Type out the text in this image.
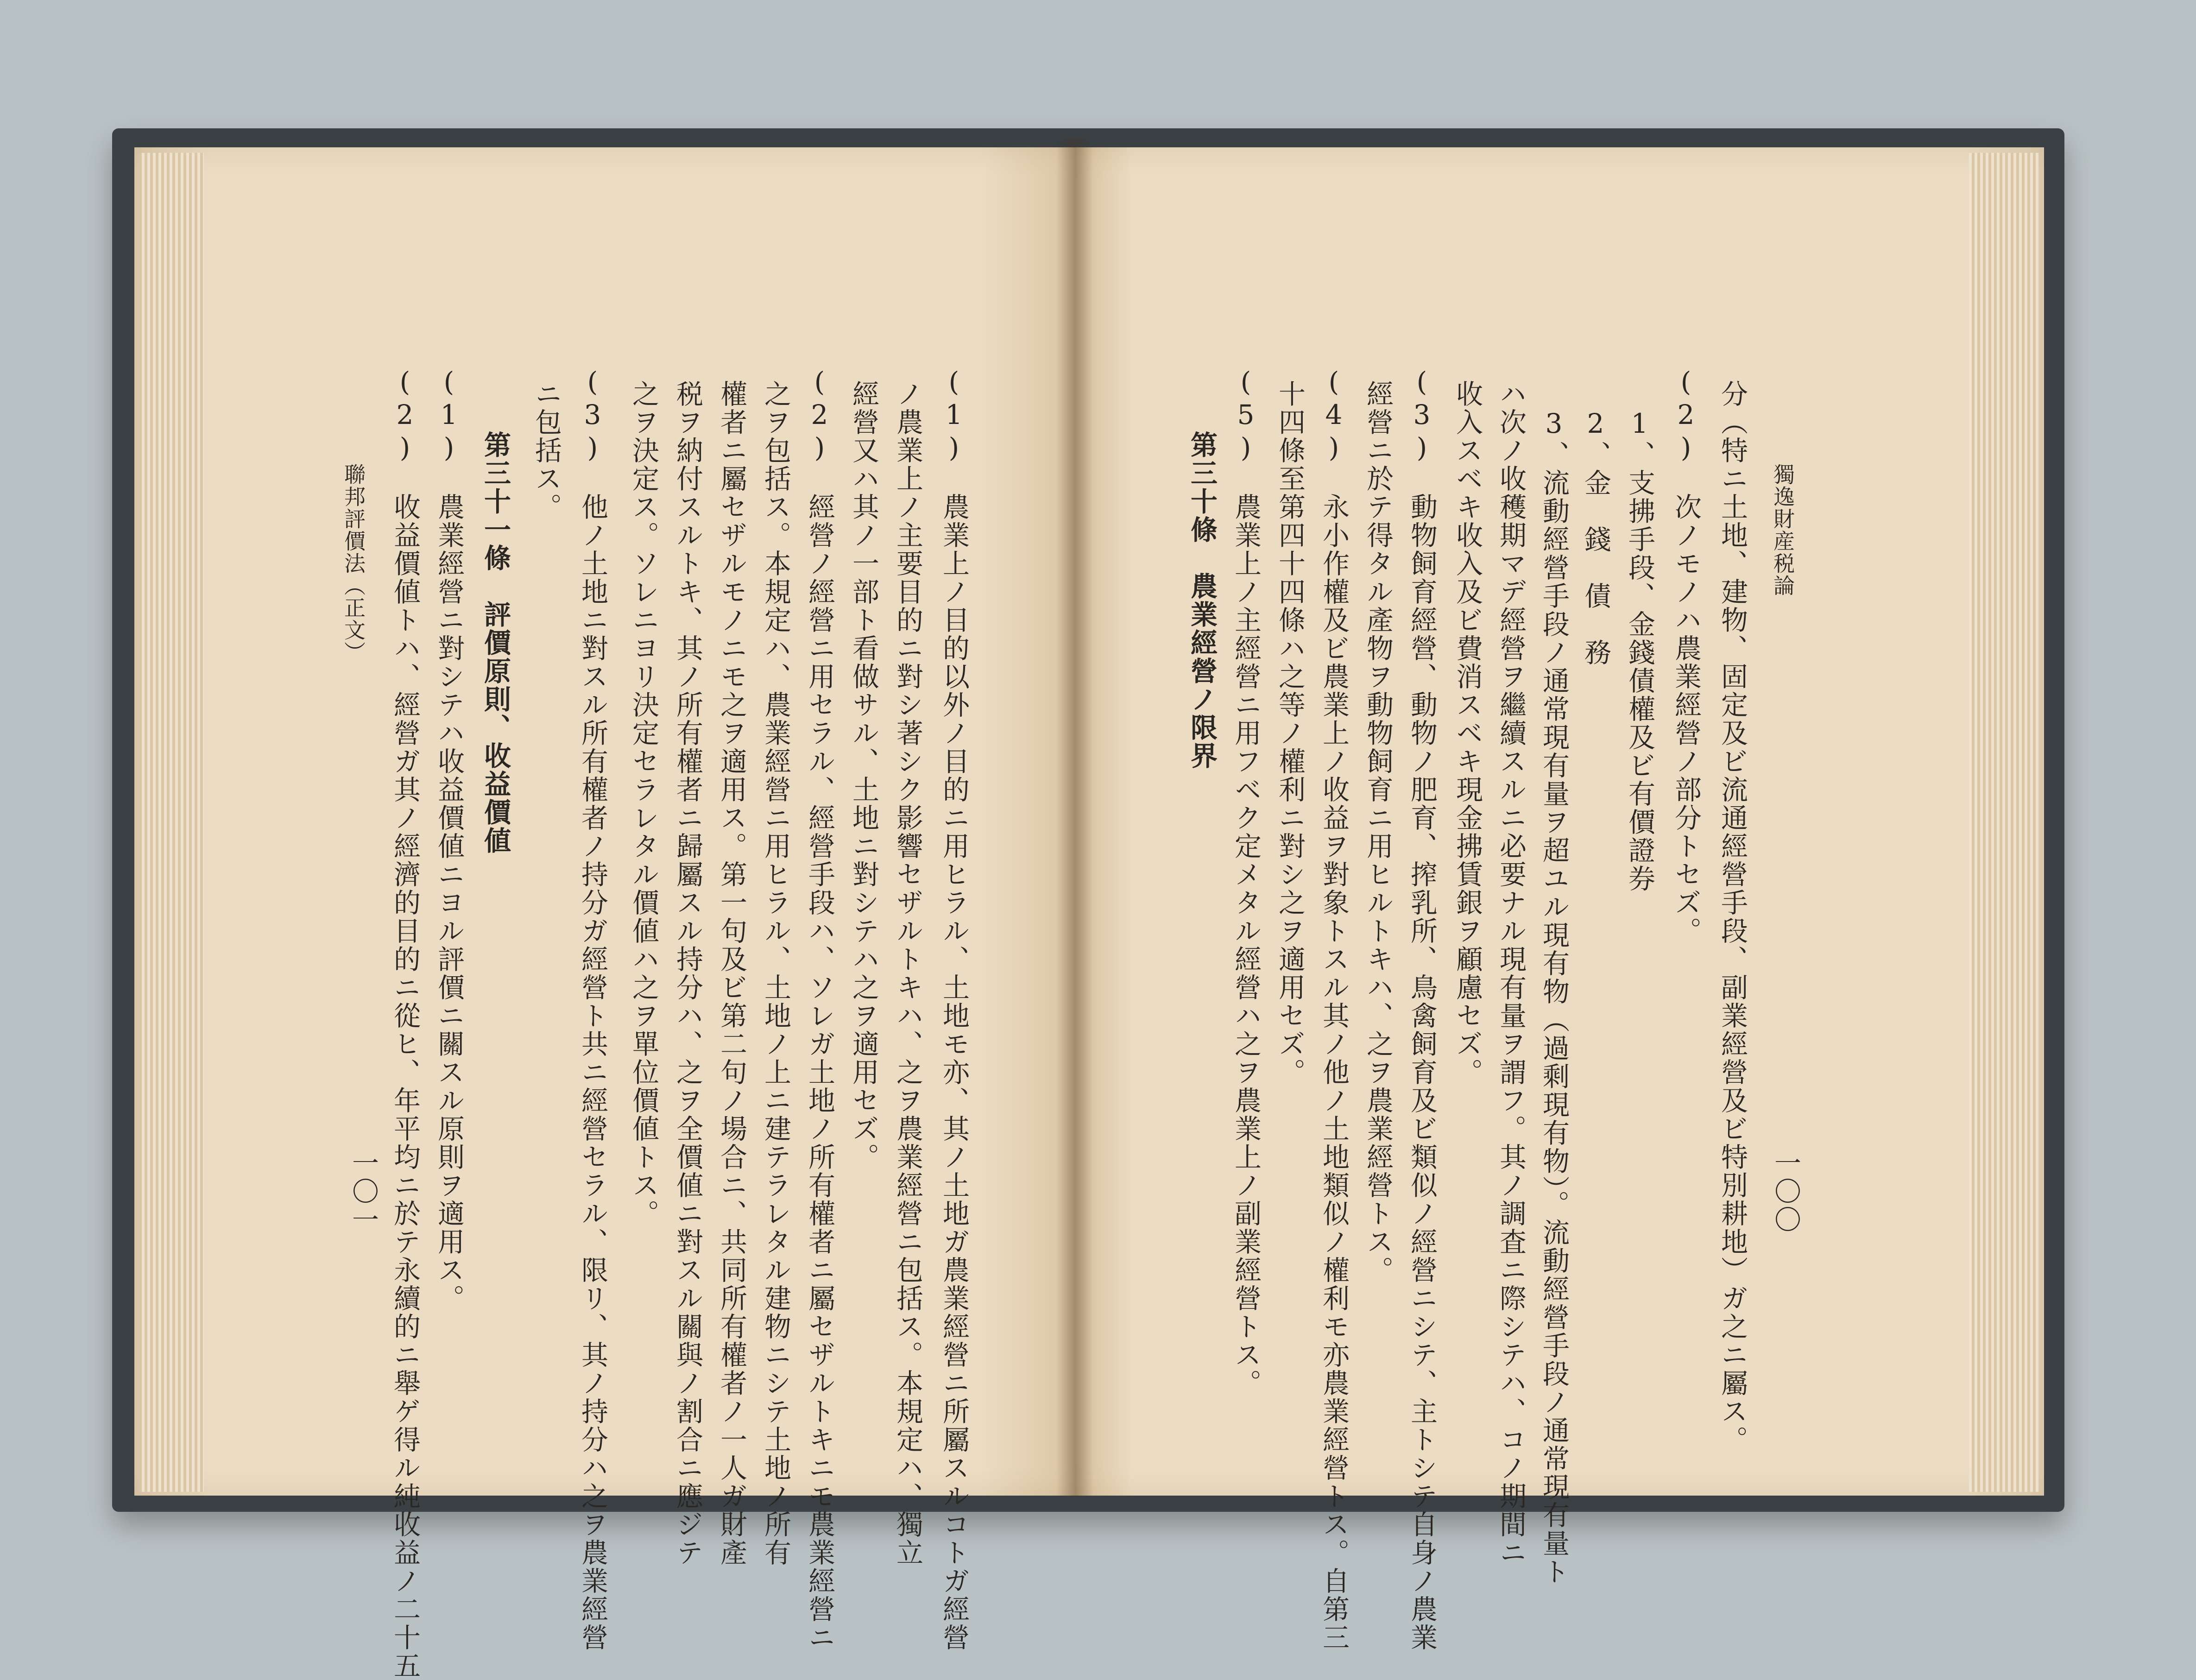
獨逸財産税論
分（特ニ土地、建物、固定及ビ流通經營手段、副業經營及ビ特別耕地）ガ之ニ屬ス。
(2)　次ノモノハ農業經營ノ部分トセズ。
1、支拂手段、金錢債權及ビ有價證券
2、金　錢　債　務
3、流動經營手段ノ通常現有量ヲ超ユル現有物（過剩現有物）。流動經營手段ノ通常現有量ト
ハ次ノ收穫期マデ經營ヲ繼續スルニ必要ナル現有量ヲ謂フ。其ノ調査ニ際シテハ、コノ期間ニ
收入スベキ收入及ビ費消スベキ現金拂賃銀ヲ顧慮セズ。
(3)　動物飼育經營、動物ノ肥育、搾乳所、鳥禽飼育及ビ類似ノ經營ニシテ、主トシテ自身ノ農業
經營ニ於テ得タル產物ヲ動物飼育ニ用ヒルトキハ、之ヲ農業經營トス。
(4)　永小作權及ビ農業上ノ收益ヲ對象トスル其ノ他ノ土地類似ノ權利モ亦農業經營トス。自第三
十四條至第四十四條ハ之等ノ權利ニ對シ之ヲ適用セズ。
(5)　農業上ノ主經營ニ用フベク定メタル經營ハ之ヲ農業上ノ副業經營トス。
第三十條　農業經營ノ限界
一〇〇
(1)　農業上ノ目的以外ノ目的ニ用ヒラル、土地モ亦、其ノ土地ガ農業經營ニ所屬スルコトガ經營
ノ農業上ノ主要目的ニ對シ著シク影響セザルトキハ、之ヲ農業經營ニ包括ス。本規定ハ、獨立
經營又ハ其ノ一部ト看做サル、土地ニ對シテハ之ヲ適用セズ。
(2)　經營ノ經營ニ用セラル、經營手段ハ、ソレガ土地ノ所有權者ニ屬セザルトキニモ農業經營ニ
之ヲ包括ス。本規定ハ、農業經營ニ用ヒラル、土地ノ上ニ建テラレタル建物ニシテ土地ノ所有
權者ニ屬セザルモノニモ之ヲ適用ス。第一句及ビ第二句ノ場合ニ、共同所有權者ノ一人ガ財產
税ヲ納付スルトキ、其ノ所有權者ニ歸屬スル持分ハ、之ヲ全價値ニ對スル關與ノ割合ニ應ジテ
之ヲ決定ス。ソレニヨリ決定セラレタル價値ハ之ヲ單位價値トス。
(3)　他ノ土地ニ對スル所有權者ノ持分ガ經營ト共ニ經營セラル、限リ、其ノ持分ハ之ヲ農業經營
ニ包括ス。
第三十一條　評價原則、收益價値
(1)　農業經營ニ對シテハ收益價値ニヨル評價ニ關スル原則ヲ適用ス。
(2)　收益價値トハ、經營ガ其ノ經濟的目的ニ從ヒ、年平均ニ於テ永續的ニ舉ゲ得ル純收益ノ二十五
聯邦評價法（正文）
一〇一
